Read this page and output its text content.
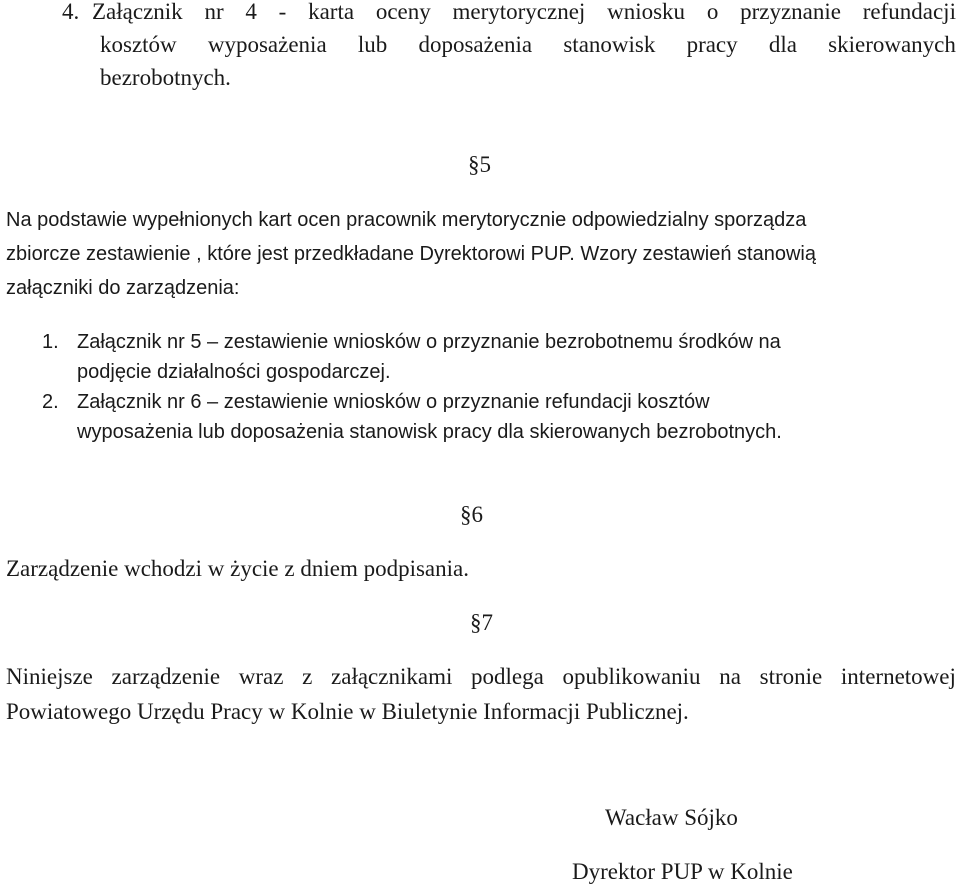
4. Załącznik nr 4 - karta oceny merytorycznej wniosku o przyznanie refundacji
kosztów wyposażenia lub doposażenia stanowisk pracy dla skierowanych
bezrobotnych.
§5
Na podstawie wypełnionych kart ocen pracownik merytorycznie odpowiedzialny sporządza
zbiorcze zestawienie , które jest przedkładane Dyrektorowi PUP. Wzory zestawień stanowią
załączniki do zarządzenia:
1. Załącznik nr 5 – zestawienie wniosków o przyznanie bezrobotnemu środków na
podjęcie działalności gospodarczej.
2. Załącznik nr 6 – zestawienie wniosków o przyznanie refundacji kosztów
wyposażenia lub doposażenia stanowisk pracy dla skierowanych bezrobotnych.
§6
Zarządzenie wchodzi w życie z dniem podpisania.
§7
Niniejsze zarządzenie wraz z załącznikami podlega opublikowaniu na stronie internetowej
Powiatowego Urzędu Pracy w Kolnie w Biuletynie Informacji Publicznej.
Wacław Sójko
Dyrektor PUP w Kolnie
